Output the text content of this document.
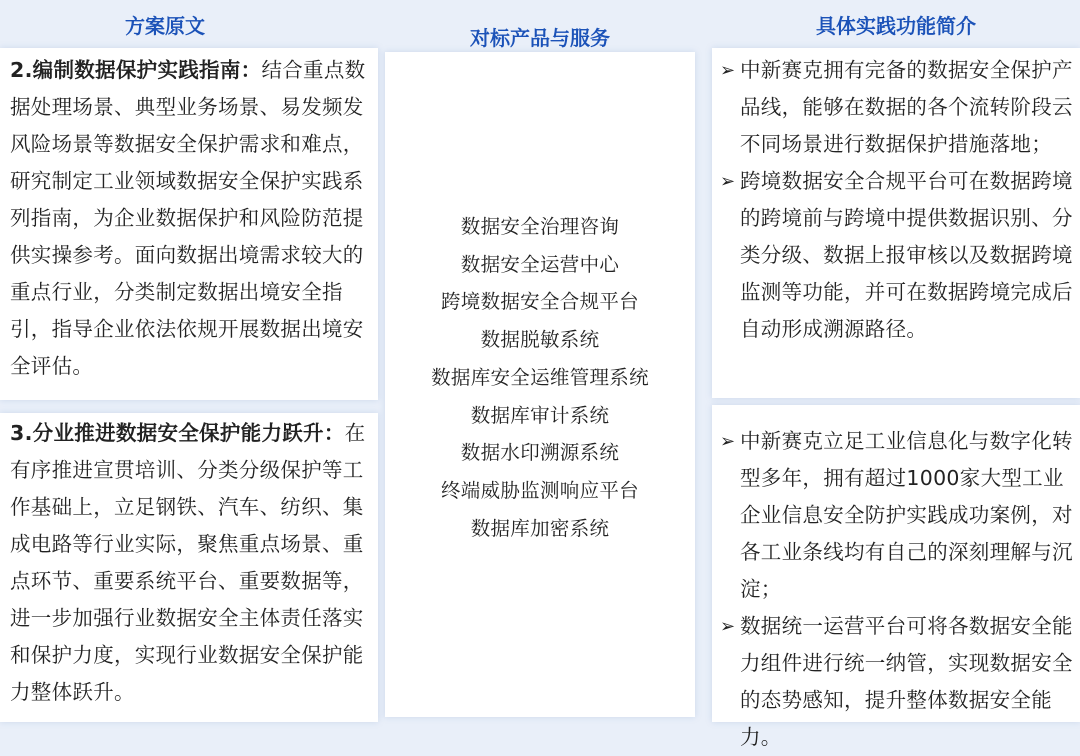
方案原文	对标产品与服务	具体实践功能简介

2.编制数据保护实践指南：结合重点数据处理场景、典型业务场景、易发频发风险场景等数据安全保护需求和难点，研究制定工业领域数据安全保护实践系列指南，为企业数据保护和风险防范提供实操参考。面向数据出境需求较大的重点行业，分类制定数据出境安全指引，指导企业依法依规开展数据出境安全评估。

3.分业推进数据安全保护能力跃升：在有序推进宣贯培训、分类分级保护等工作基础上，立足钢铁、汽车、纺织、集成电路等行业实际，聚焦重点场景、重点环节、重要系统平台、重要数据等，进一步加强行业数据安全主体责任落实和保护力度，实现行业数据安全保护能力整体跃升。

数据安全治理咨询
数据安全运营中心
跨境数据安全合规平台
数据脱敏系统
数据库安全运维管理系统
数据库审计系统
数据水印溯源系统
终端威胁监测响应平台
数据库加密系统
➢ 中新赛克拥有完备的数据安全保护产品线，能够在数据的各个流转阶段云不同场景进行数据保护措施落地；
➢ 跨境数据安全合规平台可在数据跨境的跨境前与跨境中提供数据识别、分类分级、数据上报审核以及数据跨境监测等功能，并可在数据跨境完成后自动形成溯源路径。
➢ 中新赛克立足工业信息化与数字化转型多年，拥有超过1000家大型工业企业信息安全防护实践成功案例，对各工业条线均有自己的深刻理解与沉淀；
➢ 数据统一运营平台可将各数据安全能力组件进行统一纳管，实现数据安全的态势感知，提升整体数据安全能力。
